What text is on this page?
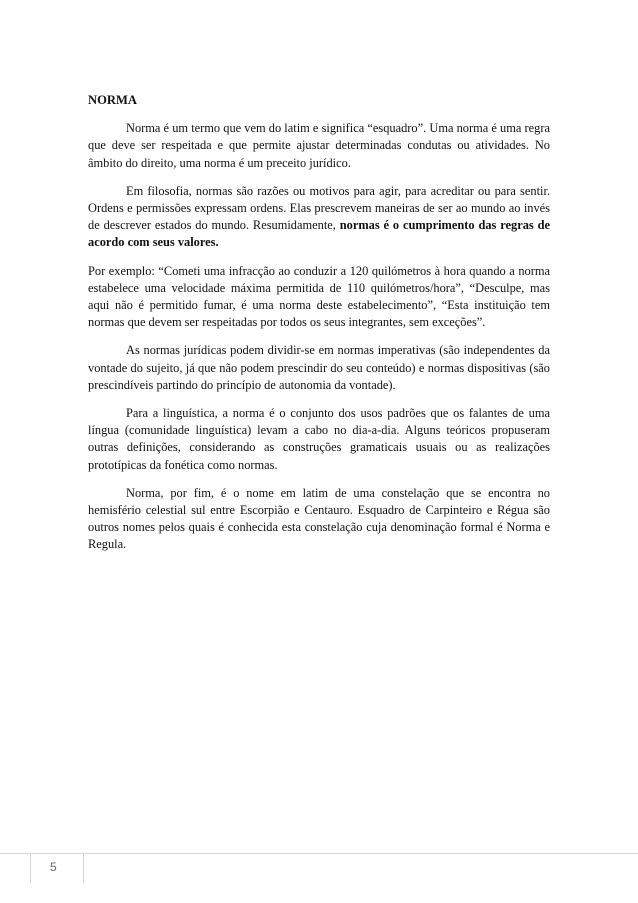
NORMA

Norma é um termo que vem do latim e significa “esquadro”. Uma norma é uma regra que deve ser respeitada e que permite ajustar determinadas condutas ou atividades. No âmbito do direito, uma norma é um preceito jurídico.

Em filosofia, normas são razões ou motivos para agir, para acreditar ou para sentir. Ordens e permissões expressam ordens. Elas prescrevem maneiras de ser ao mundo ao invés de descrever estados do mundo. Resumidamente, normas é o cumprimento das regras de acordo com seus valores.

Por exemplo: “Cometi uma infracção ao conduzir a 120 quilómetros à hora quando a norma estabelece uma velocidade máxima permitida de 110 quilómetros/hora”, “Desculpe, mas aqui não é permitido fumar, é uma norma deste estabelecimento”, “Esta instituição tem normas que devem ser respeitadas por todos os seus integrantes, sem exceções”.

As normas jurídicas podem dividir-se em normas imperativas (são independentes da vontade do sujeito, já que não podem prescindir do seu conteúdo) e normas dispositivas (são prescindíveis partindo do princípio de autonomia da vontade).

Para a linguística, a norma é o conjunto dos usos padrões que os falantes de uma língua (comunidade linguística) levam a cabo no dia-a-dia. Alguns teóricos propuseram outras definições, considerando as construções gramaticais usuais ou as realizações prototípicas da fonética como normas.

Norma, por fim, é o nome em latim de uma constelação que se encontra no hemisfério celestial sul entre Escorpião e Centauro. Esquadro de Carpinteiro e Régua são outros nomes pelos quais é conhecida esta constelação cuja denominação formal é Norma e Regula.

5
